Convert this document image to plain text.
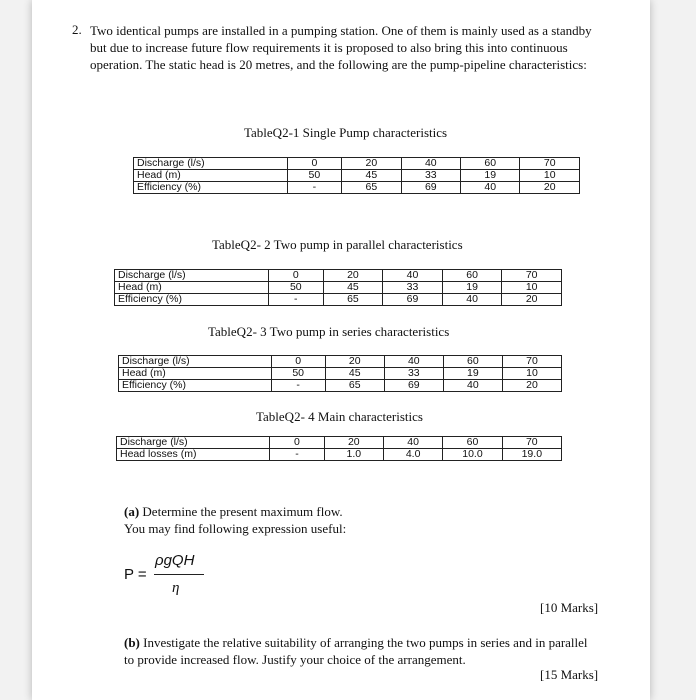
2. Two identical pumps are installed in a pumping station. One of them is mainly used as a standby but due to increase future flow requirements it is proposed to also bring this into continuous operation. The static head is 20 metres, and the following are the pump-pipeline characteristics:

TableQ2-1 Single Pump characteristics
Discharge (l/s)	0	20	40	60	70
Head (m)	50	45	33	19	10
Efficiency (%)	-	65	69	40	20
TableQ2- 2 Two pump in parallel characteristics
Discharge (l/s)	0	20	40	60	70
Head (m)	50	45	33	19	10
Efficiency (%)	-	65	69	40	20
TableQ2- 3 Two pump in series characteristics
Discharge (l/s)	0	20	40	60	70
Head (m)	50	45	33	19	10
Efficiency (%)	-	65	69	40	20
TableQ2- 4 Main characteristics
Discharge (l/s)	0	20	40	60	70
Head losses (m)	-	1.0	4.0	10.0	19.0
(a) Determine the present maximum flow.
You may find following expression useful:
P =
ρgQH
η
[10 Marks]
(b) Investigate the relative suitability of arranging the two pumps in series and in parallel to provide increased flow. Justify your choice of the arrangement.
[15 Marks]
